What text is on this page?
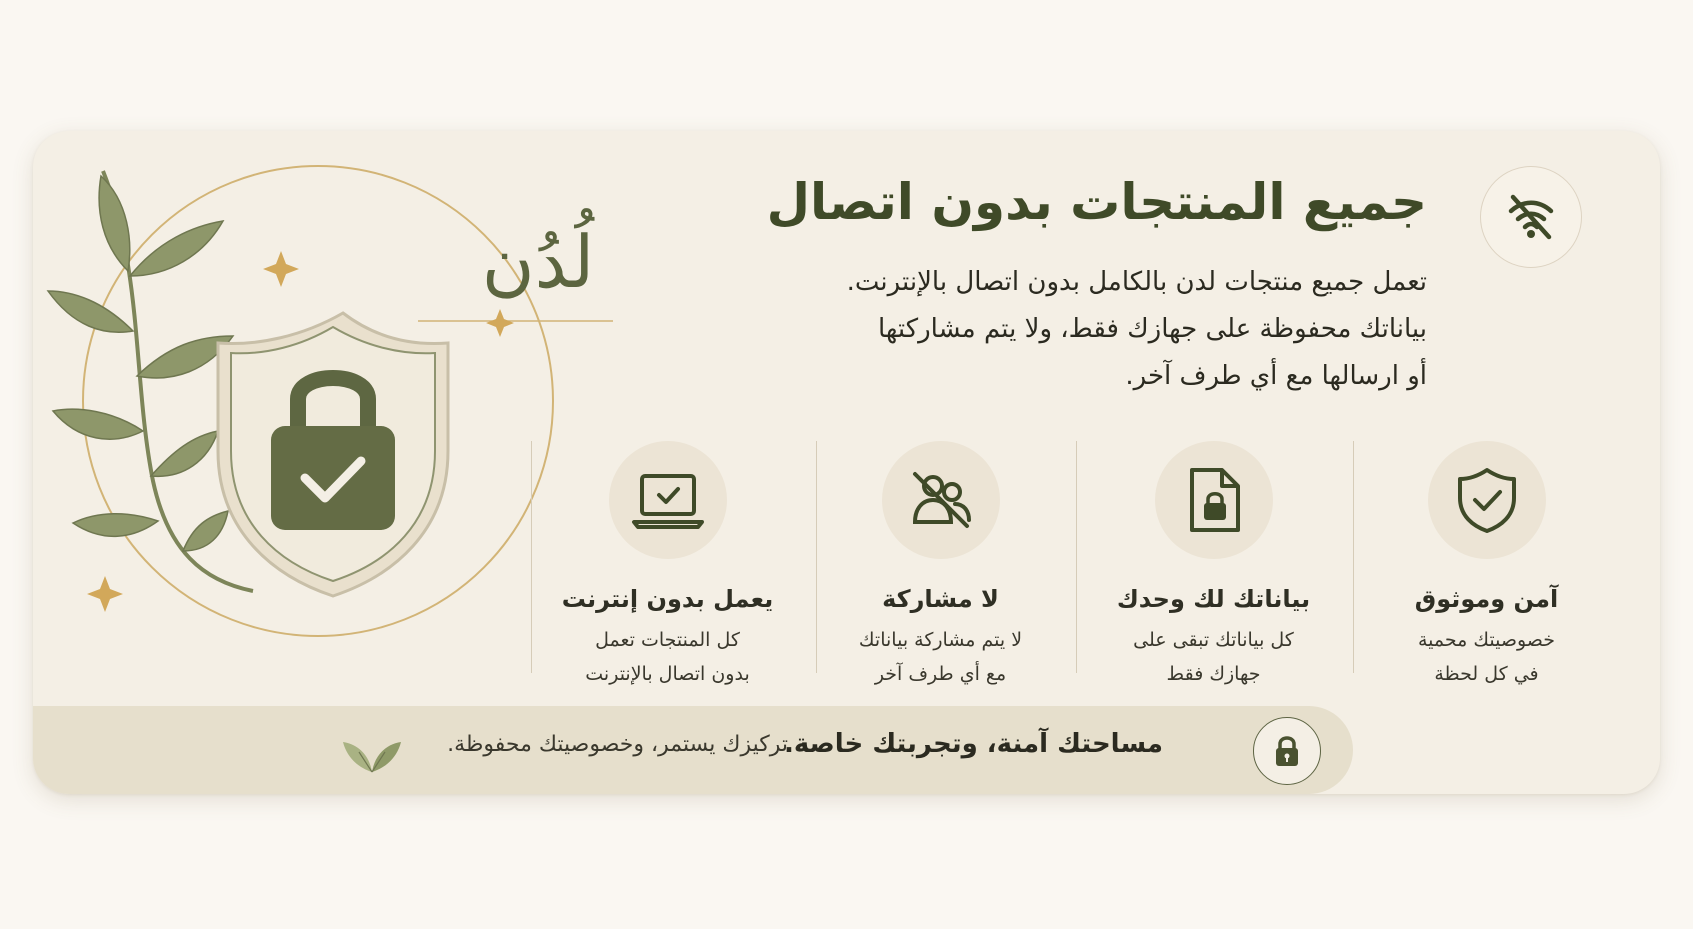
لُدُن
جميع المنتجات بدون اتصال

تعمل جميع منتجات لدن بالكامل بدون اتصال بالإنترنت.

بياناتك محفوظة على جهازك فقط، ولا يتم مشاركتها

أو ارسالها مع أي طرف آخر.

آمن وموثوق
خصوصيتك محمية
في كل لحظة
بياناتك لك وحدك
كل بياناتك تبقى على
جهازك فقط
لا مشاركة
لا يتم مشاركة بياناتك
مع أي طرف آخر
يعمل بدون إنترنت
كل المنتجات تعمل
بدون اتصال بالإنترنت
مساحتك آمنة، وتجربتك خاصة.
تركيزك يستمر، وخصوصيتك محفوظة.
